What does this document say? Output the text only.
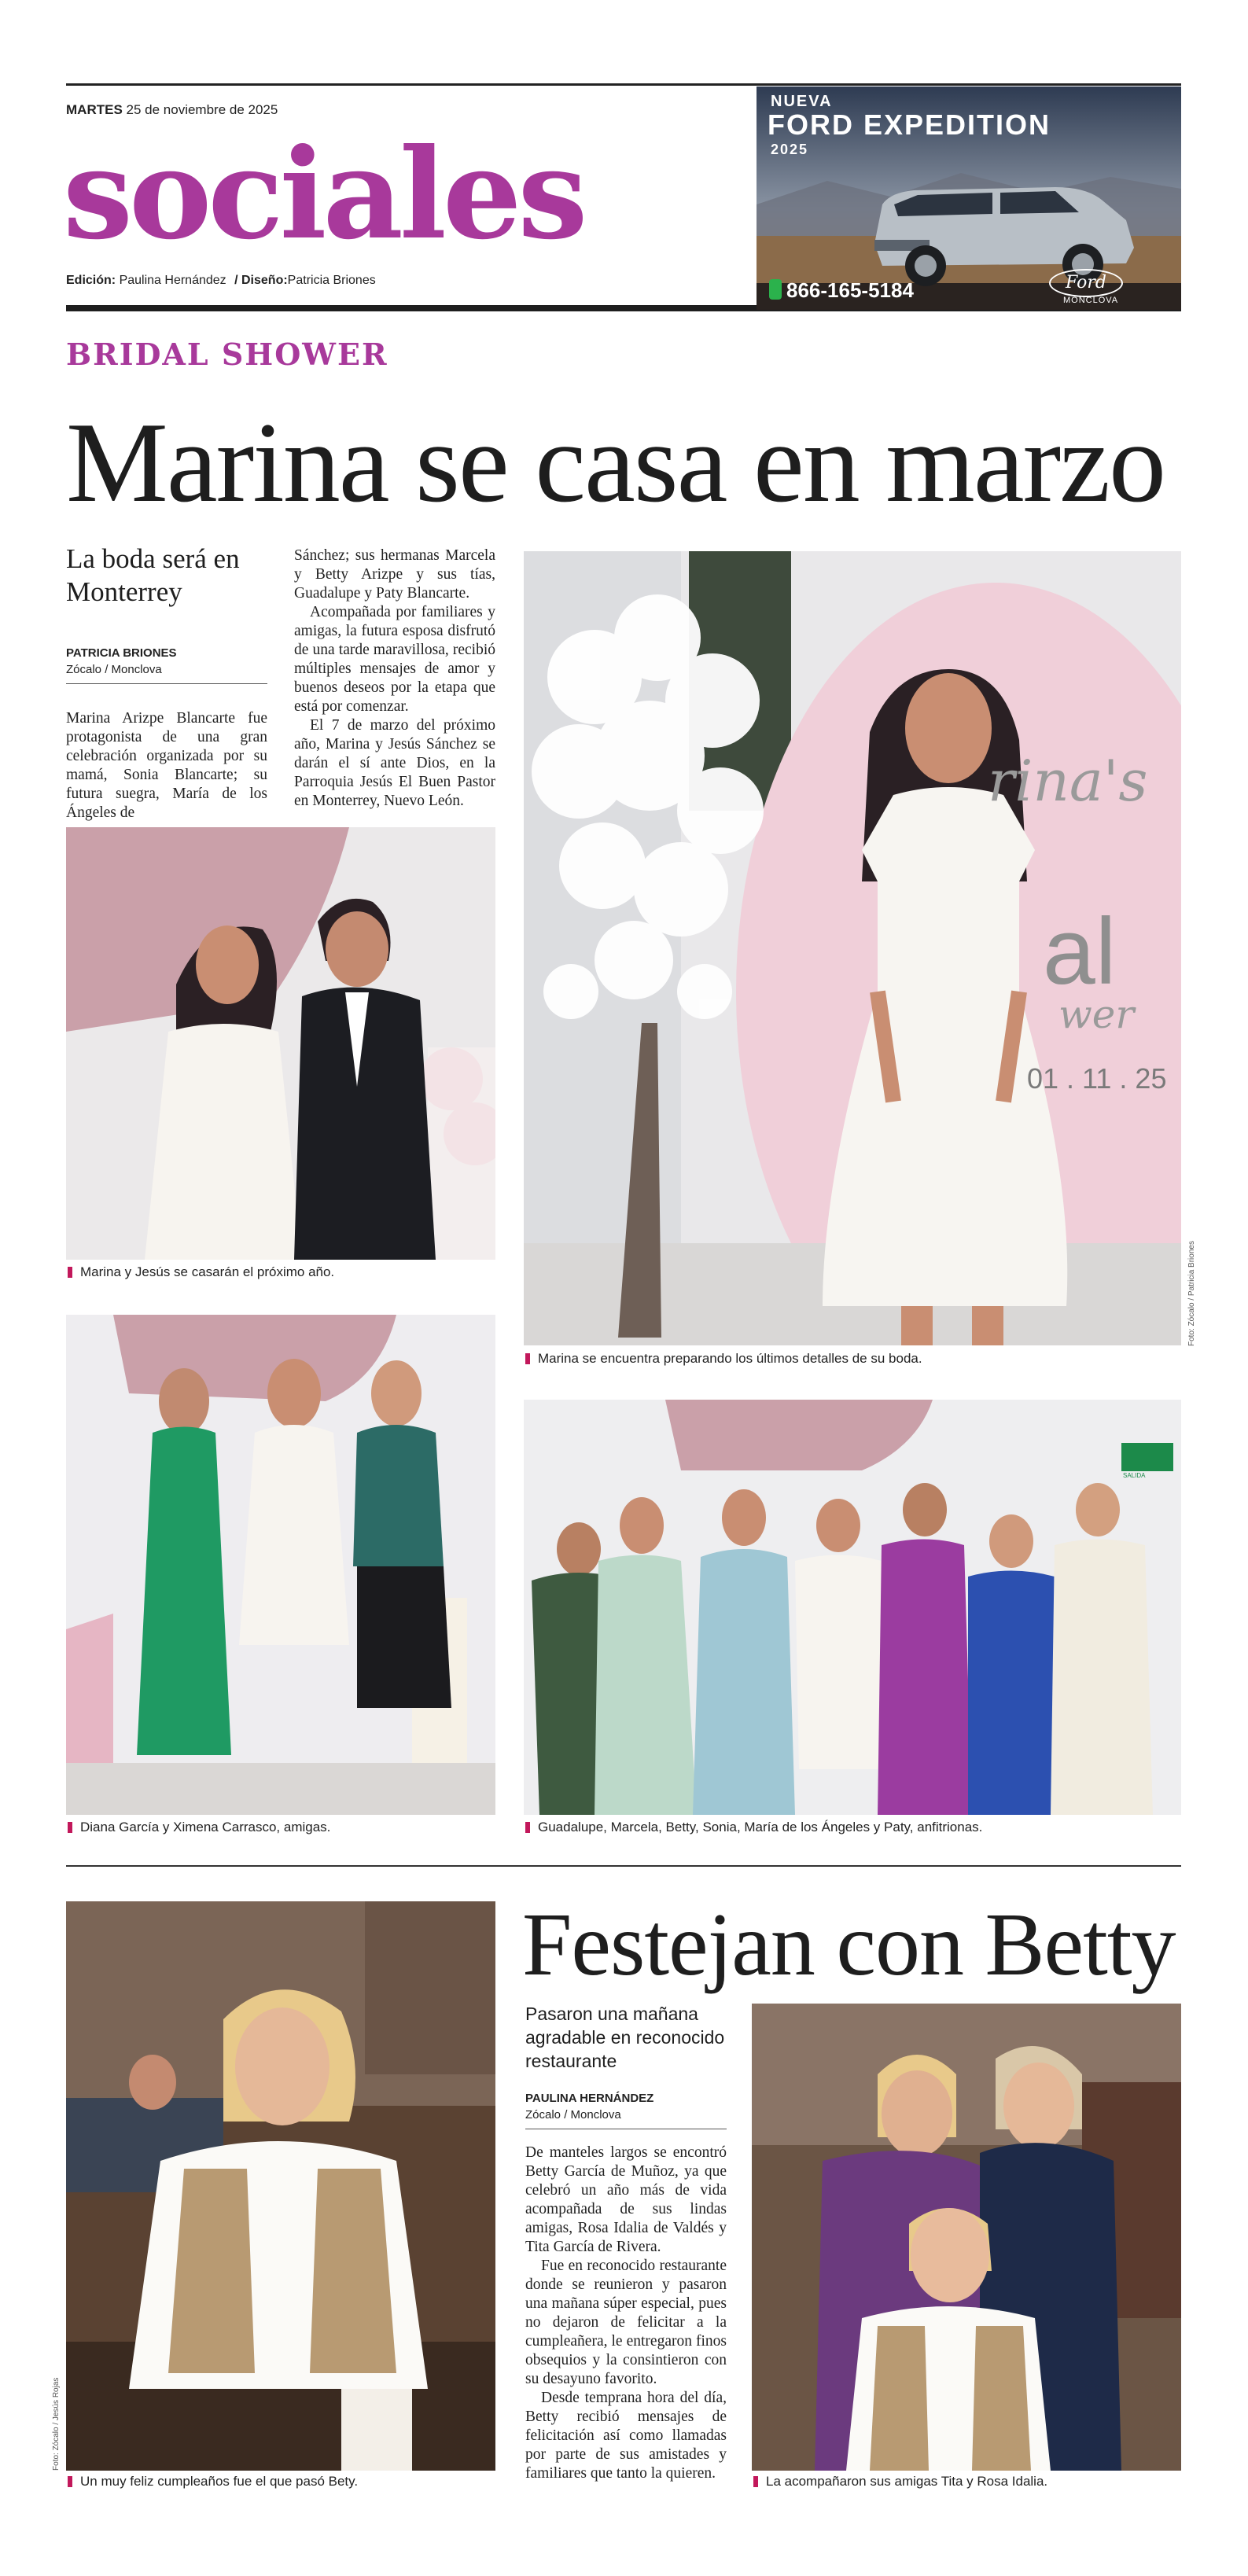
MARTES 25 de noviembre de 2025
sociales
Edición: Paulina Hernández / Diseño:Patricia Briones
NUEVA
FORD EXPEDITION
2025
866-165-5184	Ford
MONCLOVA
BRIDAL SHOWER
Marina se casa en marzo
La boda será en Monterrey
PATRICIA BRIONES
Zócalo / Monclova

Marina Arizpe Blancarte fue protagonista de una gran celebración organizada por su mamá, Sonia Blancarte; su futura suegra, María de los Ángeles de

Sánchez; sus hermanas Marcela y Betty Arizpe y sus tías, Guadalupe y Paty Blancarte.

Acompañada por familiares y amigas, la futura esposa disfrutó de una tarde maravillosa, recibió múltiples mensajes de amor y buenos deseos por la etapa que está por comenzar.

El 7 de marzo del próximo año, Marina y Jesús Sánchez se darán el sí ante Dios, en la Parroquia Jesús El Buen Pastor en Monterrey, Nuevo León.	rina's
al
wer
01 . 11 . 25
Foto: Zócalo / Patricia Briones
Marina se encuentra preparando los últimos detalles de su boda.
Marina y Jesús se casarán el próximo año.
Diana García y Ximena Carrasco, amigas.
SALIDA
Guadalupe, Marcela, Betty, Sonia, María de los Ángeles y Paty, anfitrionas.
Foto: Zócalo / Jesús Rojas
Un muy feliz cumpleaños fue el que pasó Bety.
Festejan con Betty
Pasaron una mañana agradable en reconocido restaurante
PAULINA HERNÁNDEZ
Zócalo / Monclova

De manteles largos se encontró Betty García de Muñoz, ya que celebró un año más de vida acompañada de sus lindas amigas, Rosa Idalia de Valdés y Tita García de Rivera.

Fue en reconocido restaurante donde se reunieron y pasaron una mañana súper especial, pues no dejaron de felicitar a la cumpleañera, le entregaron finos obsequios y la consintieron con su desayuno favorito.

Desde temprana hora del día, Betty recibió mensajes de felicitación así como llamadas por parte de sus amistades y familiares que tanto la quieren.	La acompañaron sus amigas Tita y Rosa Idalia.
